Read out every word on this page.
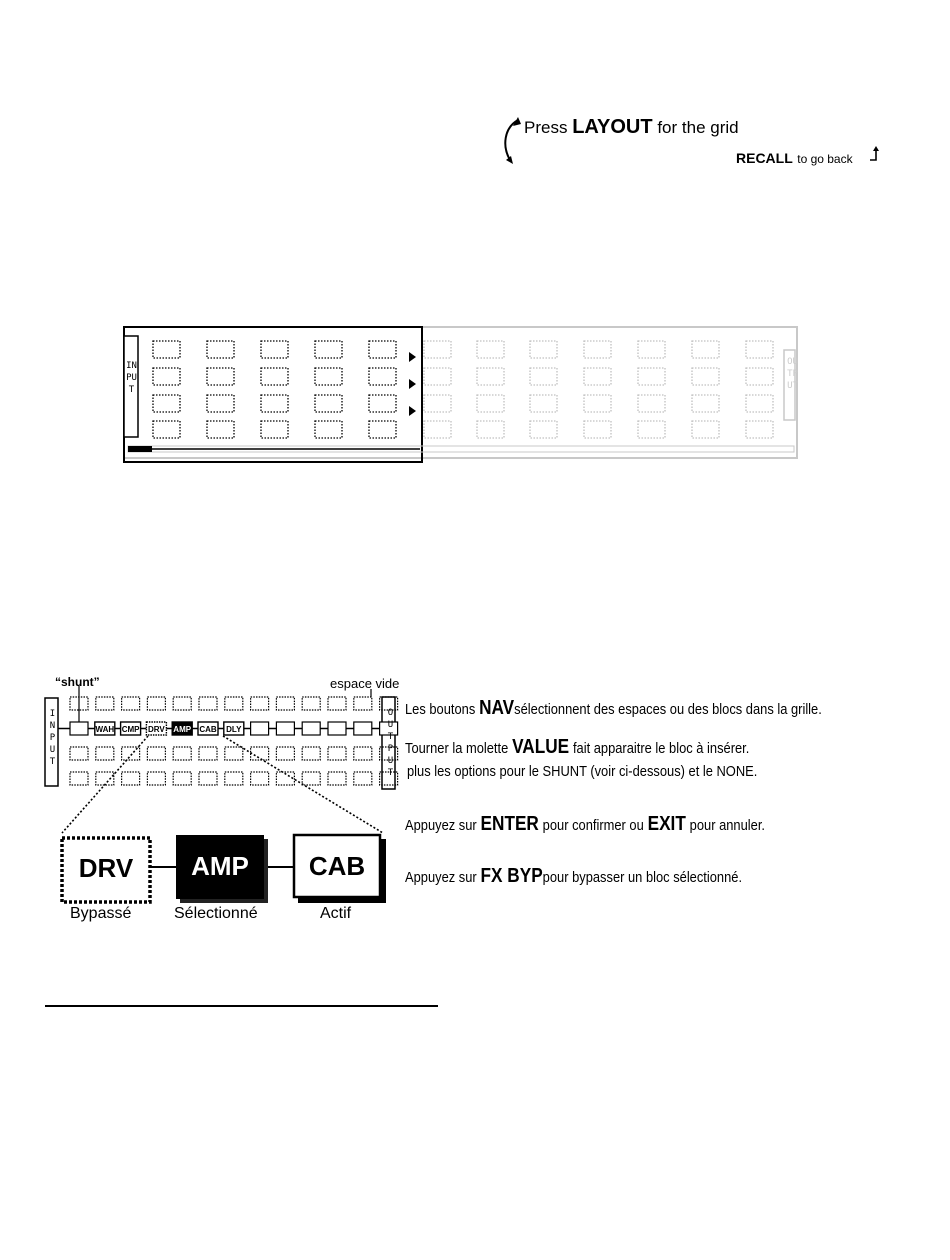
Press LAYOUT for the grid
RECALL to go back
INPUT
OUTPUT
“shunt”	espace vide
WAH CMP DRV AMP CAB DLY
DRV AMP CAB
INPUT
OUTPUT
Bypassé	Sélectionné	Actif
Les boutons NAVsélectionnent des espaces ou des blocs dans la grille.
Tourner la molette VALUE fait apparaitre le bloc à insérer.
plus les options pour le SHUNT (voir ci-dessous) et le NONE.
Appuyez sur ENTER pour confirmer ou EXIT pour annuler.
Appuyez sur FX BYPpour bypasser un bloc sélectionné.
